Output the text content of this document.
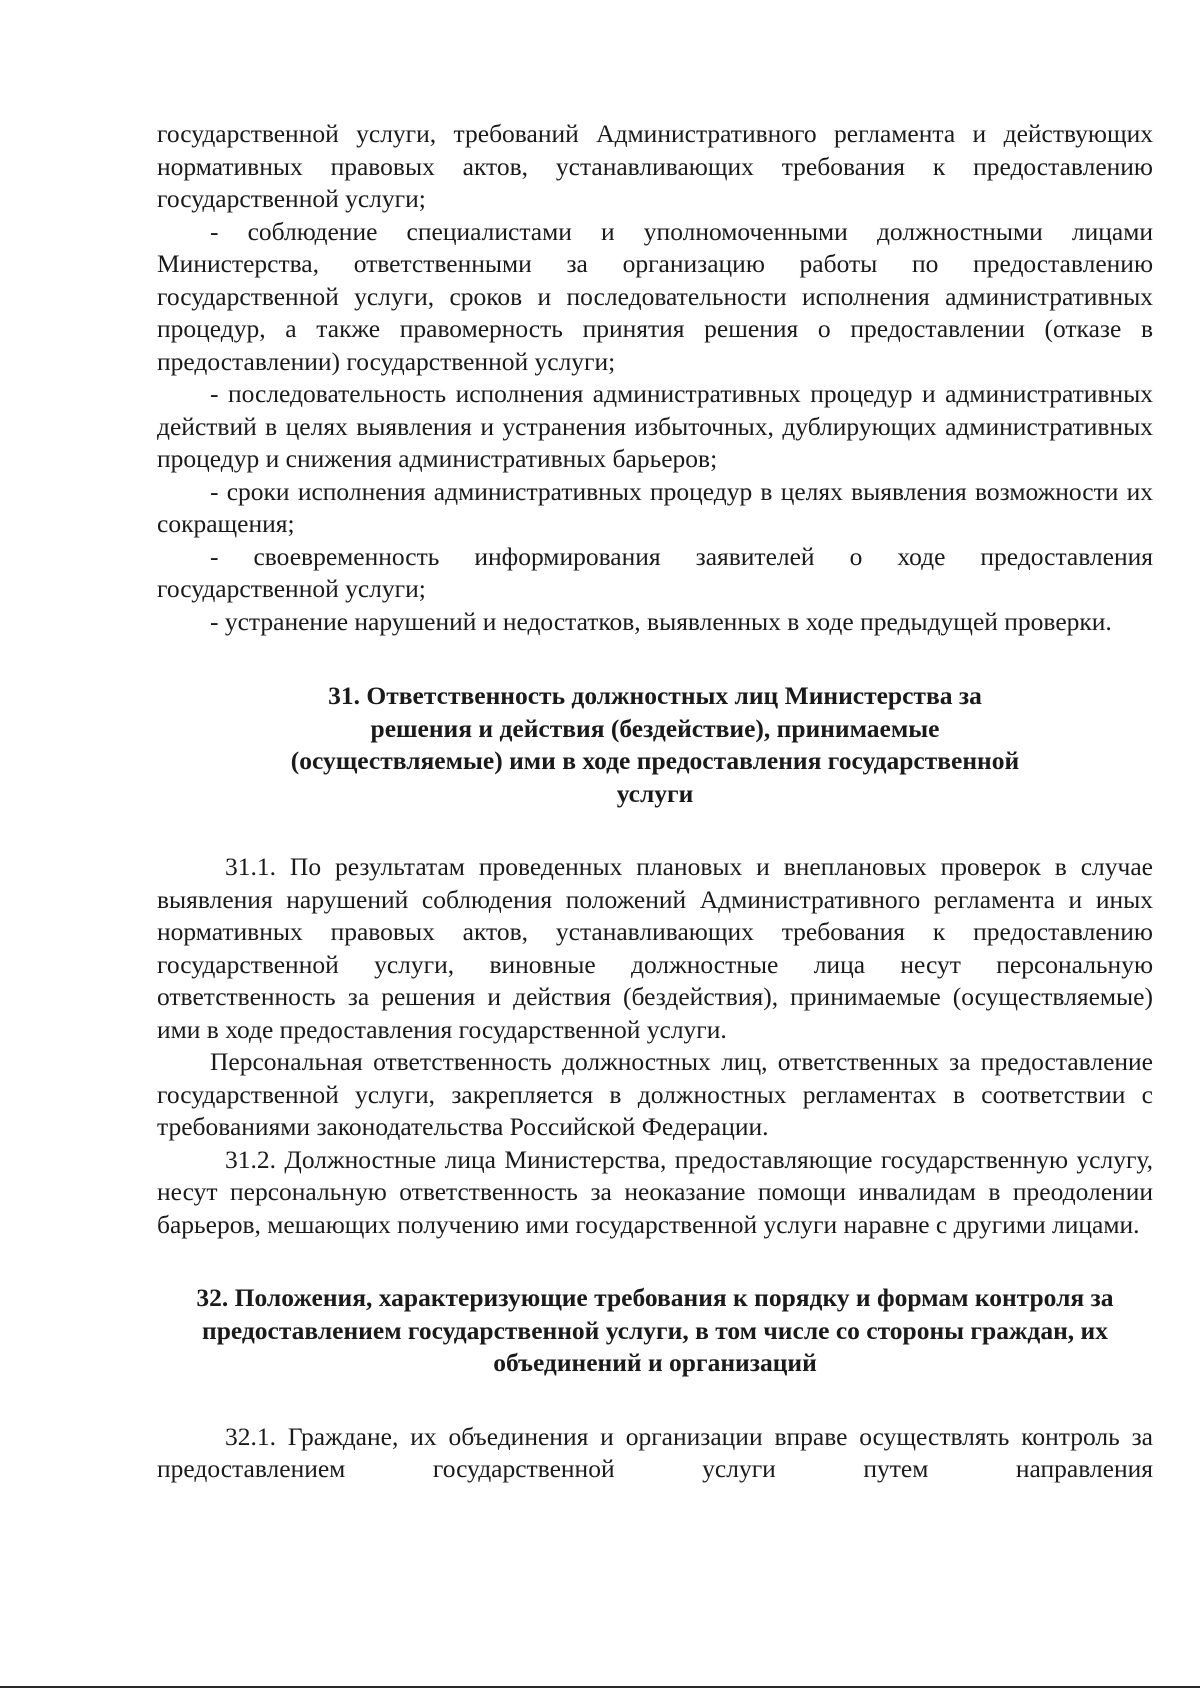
государственной услуги, требований Административного регламента и действующих нормативных правовых актов, устанавливающих требования к предоставлению государственной услуги;

- соблюдение специалистами и уполномоченными должностными лицами Министерства, ответственными за организацию работы по предоставлению государственной услуги, сроков и последовательности исполнения административных процедур, а также правомерность принятия решения о предоставлении (отказе в предоставлении) государственной услуги;

- последовательность исполнения административных процедур и административных действий в целях выявления и устранения избыточных, дублирующих административных процедур и снижения административных барьеров;

- сроки исполнения административных процедур в целях выявления возможности их сокращения;

- своевременность информирования заявителей о ходе предоставления государственной услуги;

- устранение нарушений и недостатков, выявленных в ходе предыдущей проверки.

31. Ответственность должностных лиц Министерства за решения и действия (бездействие), принимаемые (осуществляемые) ими в ходе предоставления государственной услуги

31.1. По результатам проведенных плановых и внеплановых проверок в случае выявления нарушений соблюдения положений Административного регламента и иных нормативных правовых актов, устанавливающих требования к предоставлению государственной услуги, виновные должностные лица несут персональную ответственность за решения и действия (бездействия), принимаемые (осуществляемые) ими в ходе предоставления государственной услуги.

Персональная ответственность должностных лиц, ответственных за предоставление государственной услуги, закрепляется в должностных регламентах в соответствии с требованиями законодательства Российской Федерации.

31.2. Должностные лица Министерства, предоставляющие государственную услугу, несут персональную ответственность за неоказание помощи инвалидам в преодолении барьеров, мешающих получению ими государственной услуги наравне с другими лицами.

32. Положения, характеризующие требования к порядку и формам контроля за предоставлением государственной услуги, в том числе со стороны граждан, их объединений и организаций

32.1. Граждане, их объединения и организации вправе осуществлять контроль за предоставлением государственной услуги путем направления
